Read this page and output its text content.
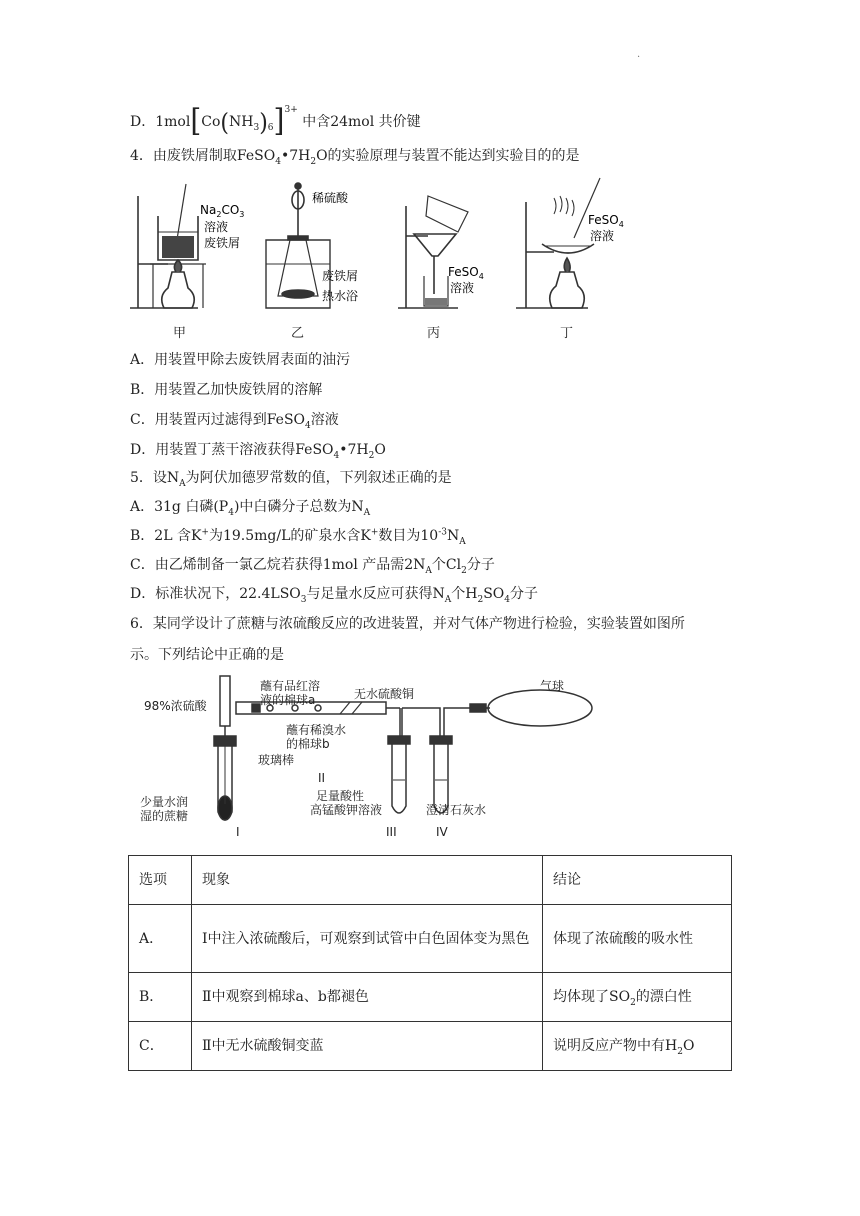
·
D．$1mol[Co(NH_3)_6]^{3+}$ 中含24mol 共价键
4．由废铁屑制取$FeSO_4•7H_2O$的实验原理与装置不能达到实验目的的是
$Na_2CO_3$
溶液
废铁屑
稀硫酸
废铁屑
热水浴
FeSO$_4$
溶液
FeSO$_4$
溶液
甲	乙	丙	丁
A．用装置甲除去废铁屑表面的油污
B．用装置乙加快废铁屑的溶解
C．用装置丙过滤得到FeSO$_4$溶液
D．用装置丁蒸干溶液获得$FeSO_4•7H_2O$
5．设$N_A$为阿伏加德罗常数的值，下列叙述正确的是
A．31g 白磷$(P_4)$中白磷分子总数为$N_A$
B．2L 含K+为19.5mg/L的矿泉水含K+数目为$10^{-3}N_A$
C．由乙烯制备一氯乙烷若获得1mol 产品需$2N_A$个$Cl_2$分子
D．标准状况下，$22.4LSO_3$与足量水反应可获得$N_A$个$H_2SO_4$分子
6．某同学设计了蔗糖与浓硫酸反应的改进装置，并对气体产物进行检验，实验装置如图所
示。下列结论中正确的是
蘸有品红溶
液的棉球a	无水硫酸铜
气球
98%浓硫酸
蘸有稀溴水
的棉球b
玻璃棒
II
少量水润
湿的蔗糖
足量酸性
高锰酸钾溶液	澄清石灰水
I	III	IV
选项	现象	结论
A．	Ⅰ中注入浓硫酸后，可观察到试管中白色固体变为黑色	体现了浓硫酸的吸水性
B．	Ⅱ中观察到棉球a、b都褪色	均体现了$SO_2$的漂白性
C．	Ⅱ中无水硫酸铜变蓝	说明反应产物中有$H_2O$
